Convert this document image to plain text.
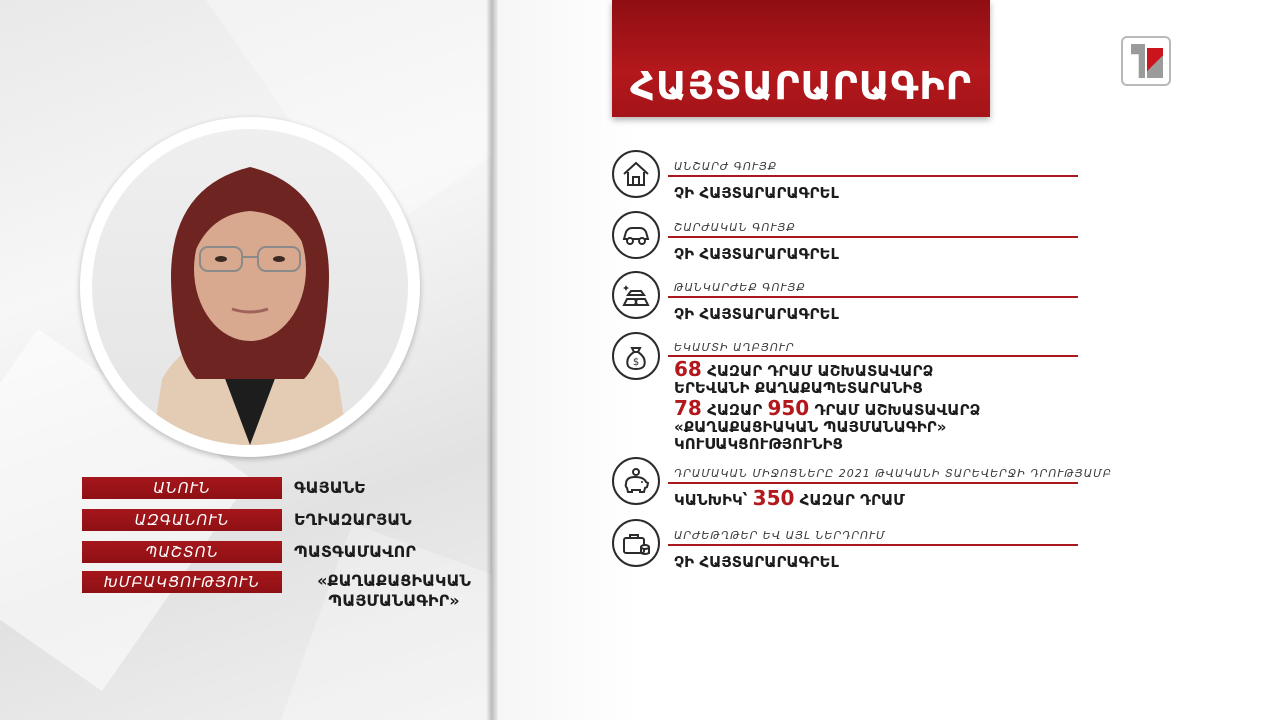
ՀԱՅՏԱՐԱՐԱԳԻՐ
ԱՆՈՒՆ	ԳԱՅԱՆԵ
ԱԶԳԱՆՈՒՆ	ԵՂԻԱԶԱՐՅԱՆ
ՊԱՇՏՈՆ	ՊԱՏԳԱՄԱՎՈՐ
ԽՄԲԱԿՑՈՒԹՅՈՒՆ	«ՔԱՂԱՔԱՑԻԱԿԱՆ
ՊԱՅՄԱՆԱԳԻՐ»
ԱՆՇԱՐԺ ԳՈՒՅՔ
ՉԻ ՀԱՅՏԱՐԱՐԱԳՐԵԼ
ՇԱՐԺԱԿԱՆ ԳՈՒՅՔ
ՉԻ ՀԱՅՏԱՐԱՐԱԳՐԵԼ
ԹԱՆԿԱՐԺԵՔ ԳՈՒՅՔ
ՉԻ ՀԱՅՏԱՐԱՐԱԳՐԵԼ
$
ԵԿԱՄՏԻ ԱՂԲՅՈՒՐ
68 ՀԱԶԱՐ ԴՐԱՄ ԱՇԽԱՏԱՎԱՐՁ
ԵՐԵՎԱՆԻ ՔԱՂԱՔԱՊԵՏԱՐԱՆԻՑ
78 ՀԱԶԱՐ 950 ԴՐԱՄ ԱՇԽԱՏԱՎԱՐՁ
«ՔԱՂԱՔԱՑԻԱԿԱՆ ՊԱՅՄԱՆԱԳԻՐ»
ԿՈՒՍԱԿՑՈՒԹՅՈՒՆԻՑ
ԴՐԱՄԱԿԱՆ ՄԻՋՈՑՆԵՐԸ 2021 ԹՎԱԿԱՆԻ ՏԱՐԵՎԵՐՋԻ ԴՐՈՒԹՅԱՄԲ
ԿԱՆԽԻԿ՝ 350 ՀԱԶԱՐ ԴՐԱՄ
ԱՐԺԵԹՂԹԵՐ ԵՎ ԱՅԼ ՆԵՐԴՐՈՒՄ
ՉԻ ՀԱՅՏԱՐԱՐԱԳՐԵԼ
